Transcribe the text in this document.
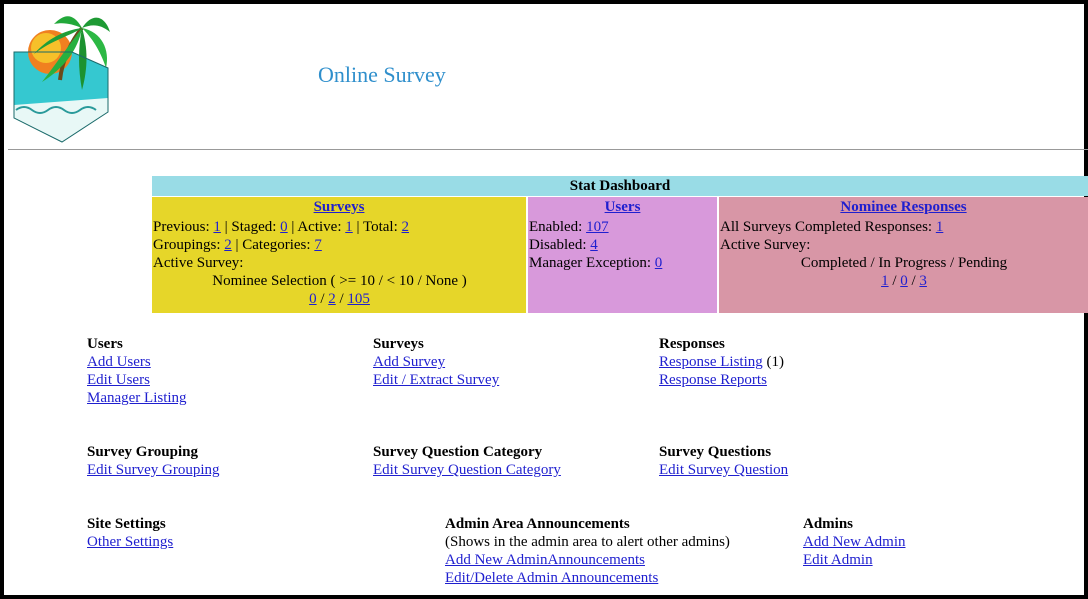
Online Survey
Stat Dashboard
Surveys
Previous: 1 | Staged: 0 | Active: 1 | Total: 2
Groupings: 2 | Categories: 7
Active Survey:
Nominee Selection ( >= 10 / < 10 / None )
0 / 2 / 105
Users
Enabled: 107
Disabled: 4
Manager Exception: 0
Nominee Responses
All Surveys Completed Responses: 1
Active Survey:
Completed / In Progress / Pending
1 / 0 / 3
Users
Add Users
Edit Users
Manager Listing
Surveys
Add Survey
Edit / Extract Survey
Responses
Response Listing (1)
Response Reports
Survey Grouping
Edit Survey Grouping
Survey Question Category
Edit Survey Question Category
Survey Questions
Edit Survey Question
Site Settings
Other Settings
Admin Area Announcements
(Shows in the admin area to alert other admins)
Add New AdminAnnouncements
Edit/Delete Admin Announcements
Admins
Add New Admin
Edit Admin
